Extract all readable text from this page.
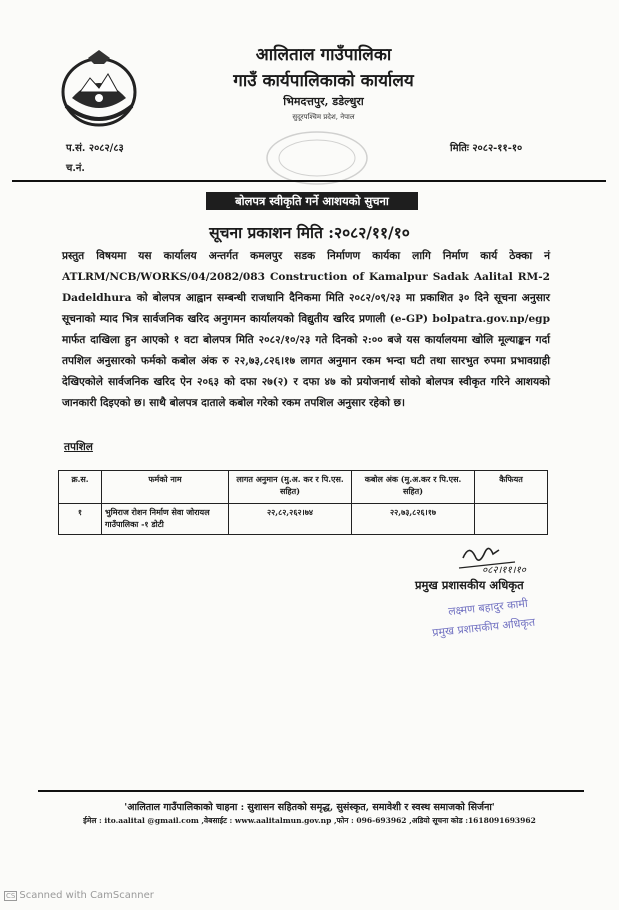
आलिताल गाउँपालिका
गाउँ कार्यपालिकाको कार्यालय
भिमदत्तपुर, डडेल्धुरा
सुदूरपश्चिम प्रदेश, नेपाल
प.सं. २०८२/८३
च.नं.
मितिः २०८२-११-१०
बोलपत्र स्वीकृति गर्ने आशयको सुचना
सूचना प्रकाशन मिति :२०८२/११/१०
प्रस्तुत विषयमा यस कार्यालय अन्तर्गत कमलपुर सडक निर्माणण कार्यका लागि निर्माण कार्य ठेक्का नं ATLRM/NCB/WORKS/04/2082/083 Construction of Kamalpur Sadak Aalital RM-2 Dadeldhura को बोलपत्र आह्वान सम्बन्धी राजधानि दैनिकमा मिति २०८२/०९/२३ मा प्रकाशित ३० दिने सूचना अनुसार सूचनाको म्याद भित्र सार्वजनिक खरिद अनुगमन कार्यालयको विद्युतीय खरिद प्रणाली (e-GP) bolpatra.gov.np/egp मार्फत दाखिला हुन आएको १ वटा बोलपत्र मिति २०८२/१०/२३ गते दिनको २:०० बजे यस कार्यालयमा खोलि मूल्याङ्कन गर्दा तपशिल अनुसारको फर्मको कबोल अंक रु २२,७३,८२६।१७ लागत अनुमान रकम भन्दा घटी तथा सारभुत रुपमा प्रभावग्राही देखिएकोले सार्वजनिक खरिद ऐन २०६३ को दफा २७(२) र दफा ४७ को प्रयोजनार्थ सोको बोलपत्र स्वीकृत गरिने आशयको जानकारी दिइएको छ। साथै बोलपत्र दाताले कबोल गरेको रकम तपशिल अनुसार रहेको छ।
तपशिल
क्र.स.	फर्मको नाम	लागत अनुमान (मु.अ. कर र पि.एस. सहित)	कबोल अंक (मु.अ.कर र पि.एस. सहित)	कैफियत
१	भुमिराज रोशन निर्माण सेवा जोरायल गाउँपालिका -१ डोटी	२२,८२,२६२।७४	२२,७३,८२६।१७	
०८२।११।१०
प्रमुख प्रशासकीय अधिकृत
लक्ष्मण बहादुर कामी
प्रमुख प्रशासकीय अधिकृत
'आलिताल गाउँपालिकाको चाहना : सुशासन सहितको समृद्ध, सुसंस्कृत, समावेशी र स्वस्थ समाजको सिर्जना'
ईमेल : ito.aalital @gmail.com ,वेबसाईट : www.aalitalmun.gov.np ,फोन : 096-693962 ,अडियो सूचना कोड :1618091693962
CS Scanned with CamScanner
